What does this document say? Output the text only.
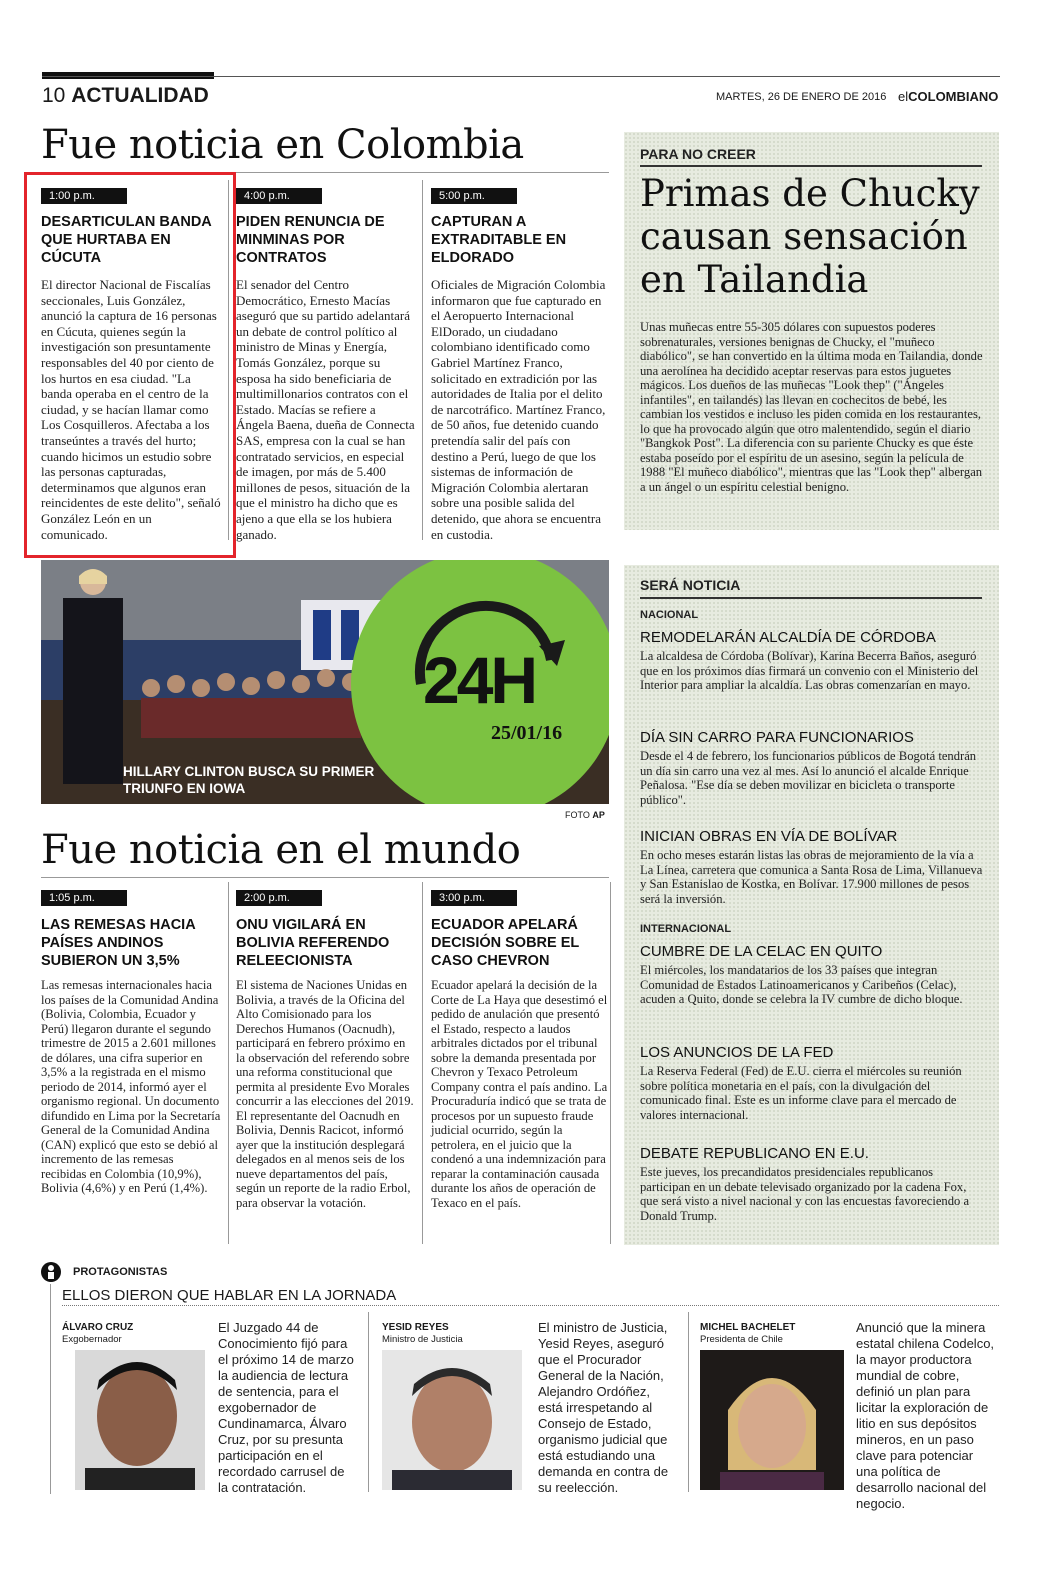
10 ACTUALIDAD	MARTES, 26 DE ENERO DE 2016 elCOLOMBIANO
Fue noticia en Colombia
1:00 p.m.
DESARTICULAN BANDA QUE HURTABA EN CÚCUTA
El director Nacional de Fiscalías seccionales, Luis González, anunció la captura de 16 personas en Cúcuta, quienes según la investigación son presuntamente responsables del 40 por ciento de los hurtos en esa ciudad. "La banda operaba en el centro de la ciudad, y se hacían llamar como Los Cosquilleros. Afectaba a los transeúntes a través del hurto; cuando hicimos un estudio sobre las personas capturadas, determinamos que algunos eran reincidentes de este delito", señaló González León en un comunicado.
4:00 p.m.
PIDEN RENUNCIA DE MINMINAS POR CONTRATOS
El senador del Centro Democrático, Ernesto Macías aseguró que su partido adelantará un debate de control político al ministro de Minas y Energía, Tomás González, porque su esposa ha sido beneficiaria de multimillonarios contratos con el Estado. Macías se refiere a Ángela Baena, dueña de Connecta SAS, empresa con la cual se han contratado servicios, en especial de imagen, por más de 5.400 millones de pesos, situación de la que el ministro ha dicho que es ajeno a que ella se los hubiera ganado.
5:00 p.m.
CAPTURAN A EXTRADITABLE EN ELDORADO
Oficiales de Migración Colombia informaron que fue capturado en el Aeropuerto Internacional ElDorado, un ciudadano colombiano identificado como Gabriel Martínez Franco, solicitado en extradición por las autoridades de Italia por el delito de narcotráfico. Martínez Franco, de 50 años, fue detenido cuando pretendía salir del país con destino a Perú, luego de que los sistemas de información de Migración Colombia alertaran sobre una posible salida del detenido, que ahora se encuentra en custodia.
24H
25/01/16
HILLARY CLINTON BUSCA SU PRIMER TRIUNFO EN IOWA
FOTO AP
Fue noticia en el mundo
1:05 p.m.
LAS REMESAS HACIA PAÍSES ANDINOS SUBIERON UN 3,5%
Las remesas internacionales hacia los países de la Comunidad Andina (Bolivia, Colombia, Ecuador y Perú) llegaron durante el segundo trimestre de 2015 a 2.601 millones de dólares, una cifra superior en 3,5% a la registrada en el mismo periodo de 2014, informó ayer el organismo regional. Un documento difundido en Lima por la Secretaría General de la Comunidad Andina (CAN) explicó que esto se debió al incremento de las remesas recibidas en Colombia (10,9%), Bolivia (4,6%) y en Perú (1,4%).
2:00 p.m.
ONU VIGILARÁ EN BOLIVIA REFERENDO RELEECIONISTA
El sistema de Naciones Unidas en Bolivia, a través de la Oficina del Alto Comisionado para los Derechos Humanos (Oacnudh), participará en febrero próximo en la observación del referendo sobre una reforma constitucional que permita al presidente Evo Morales concurrir a las elecciones del 2019. El representante del Oacnudh en Bolivia, Dennis Racicot, informó ayer que la institución desplegará delegados en al menos seis de los nueve departamentos del país, según un reporte de la radio Erbol, para observar la votación.
3:00 p.m.
ECUADOR APELARÁ DECISIÓN SOBRE EL CASO CHEVRON
Ecuador apelará la decisión de la Corte de La Haya que desestimó el pedido de anulación que presentó el Estado, respecto a laudos arbitrales dictados por el tribunal sobre la demanda presentada por Chevron y Texaco Petroleum Company contra el país andino. La Procuraduría indicó que se trata de procesos por un supuesto fraude judicial ocurrido, según la petrolera, en el juicio que la condenó a una indemnización para reparar la contaminación causada durante los años de operación de Texaco en el país.
PARA NO CREER
Primas de Chucky causan sensación en Tailandia
Unas muñecas entre 55-305 dólares con supuestos poderes sobrenaturales, versiones benignas de Chucky, el "muñeco diabólico", se han convertido en la última moda en Tailandia, donde una aerolínea ha decidido aceptar reservas para estos juguetes mágicos. Los dueños de las muñecas "Look thep" ("Ángeles infantiles", en tailandés) las llevan en cochecitos de bebé, les cambian los vestidos e incluso les piden comida en los restaurantes, lo que ha provocado algún que otro malentendido, según el diario "Bangkok Post". La diferencia con su pariente Chucky es que éste estaba poseído por el espíritu de un asesino, según la película de 1988 "El muñeco diabólico", mientras que las "Look thep" albergan a un ángel o un espíritu celestial benigno.
SERÁ NOTICIA
NACIONAL
REMODELARÁN ALCALDÍA DE CÓRDOBA
La alcaldesa de Córdoba (Bolívar), Karina Becerra Baños, aseguró que en los próximos días firmará un convenio con el Ministerio del Interior para ampliar la alcaldía. Las obras comenzarían en mayo.
DÍA SIN CARRO PARA FUNCIONARIOS
Desde el 4 de febrero, los funcionarios públicos de Bogotá tendrán un día sin carro una vez al mes. Así lo anunció el alcalde Enrique Peñalosa. "Ese día se deben movilizar en bicicleta o transporte público".
INICIAN OBRAS EN VÍA DE BOLÍVAR
En ocho meses estarán listas las obras de mejoramiento de la vía a La Línea, carretera que comunica a Santa Rosa de Lima, Villanueva y San Estanislao de Kostka, en Bolívar. 17.900 millones de pesos será la inversión.
INTERNACIONAL
CUMBRE DE LA CELAC EN QUITO
El miércoles, los mandatarios de los 33 países que integran Comunidad de Estados Latinoamericanos y Caribeños (Celac), acuden a Quito, donde se celebra la IV cumbre de dicho bloque.
LOS ANUNCIOS DE LA FED
La Reserva Federal (Fed) de E.U. cierra el miércoles su reunión sobre política monetaria en el país, con la divulgación del comunicado final. Este es un informe clave para el mercado de valores internacional.
DEBATE REPUBLICANO EN E.U.
Este jueves, los precandidatos presidenciales republicanos participan en un debate televisado organizado por la cadena Fox, que será visto a nivel nacional y con las encuestas favoreciendo a Donald Trump.
PROTAGONISTAS
ELLOS DIERON QUE HABLAR EN LA JORNADA
ÁLVARO CRUZ
Exgobernador
El Juzgado 44 de Conocimiento fijó para el próximo 14 de marzo la audiencia de lectura de sentencia, para el exgobernador de Cundinamarca, Álvaro Cruz, por su presunta participación en el recordado carrusel de la contratación.
YESID REYES
Ministro de Justicia
El ministro de Justicia, Yesid Reyes, aseguró que el Procurador General de la Nación, Alejandro Ordóñez, está irrespetando al Consejo de Estado, organismo judicial que está estudiando una demanda en contra de su reelección.
MICHEL BACHELET
Presidenta de Chile
Anunció que la minera estatal chilena Codelco, la mayor productora mundial de cobre, definió un plan para licitar la exploración de litio en sus depósitos mineros, en un paso clave para potenciar una política de desarrollo nacional del negocio.
